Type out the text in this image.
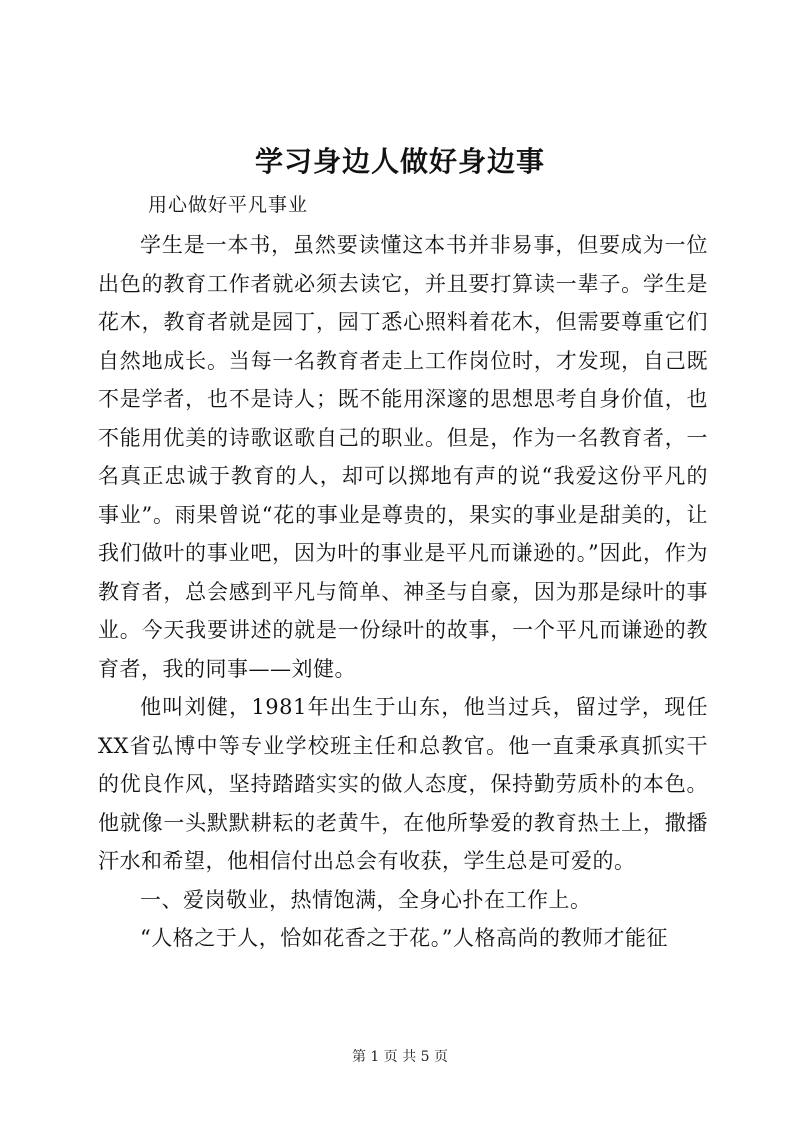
学习身边人做好身边事
用心做好平凡事业

学生是一本书，虽然要读懂这本书并非易事，但要成为一位出色的教育工作者就必须去读它，并且要打算读一辈子。学生是花木，教育者就是园丁，园丁悉心照料着花木，但需要尊重它们自然地成长。当每一名教育者走上工作岗位时，才发现，自己既不是学者，也不是诗人；既不能用深邃的思想思考自身价值，也不能用优美的诗歌讴歌自己的职业。但是，作为一名教育者，一名真正忠诚于教育的人，却可以掷地有声的说“我爱这份平凡的事业”。雨果曾说“花的事业是尊贵的，果实的事业是甜美的，让我们做叶的事业吧，因为叶的事业是平凡而谦逊的。”因此，作为教育者，总会感到平凡与简单、神圣与自豪，因为那是绿叶的事业。今天我要讲述的就是一份绿叶的故事，一个平凡而谦逊的教育者，我的同事——刘健。

他叫刘健，1981年出生于山东，他当过兵，留过学，现任XX省弘博中等专业学校班主任和总教官。他一直秉承真抓实干的优良作风，坚持踏踏实实的做人态度，保持勤劳质朴的本色。他就像一头默默耕耘的老黄牛，在他所挚爱的教育热土上，撒播汗水和希望，他相信付出总会有收获，学生总是可爱的。

一、爱岗敬业，热情饱满，全身心扑在工作上。

“人格之于人，恰如花香之于花。”人格高尚的教师才能征

第 1 页 共 5 页
